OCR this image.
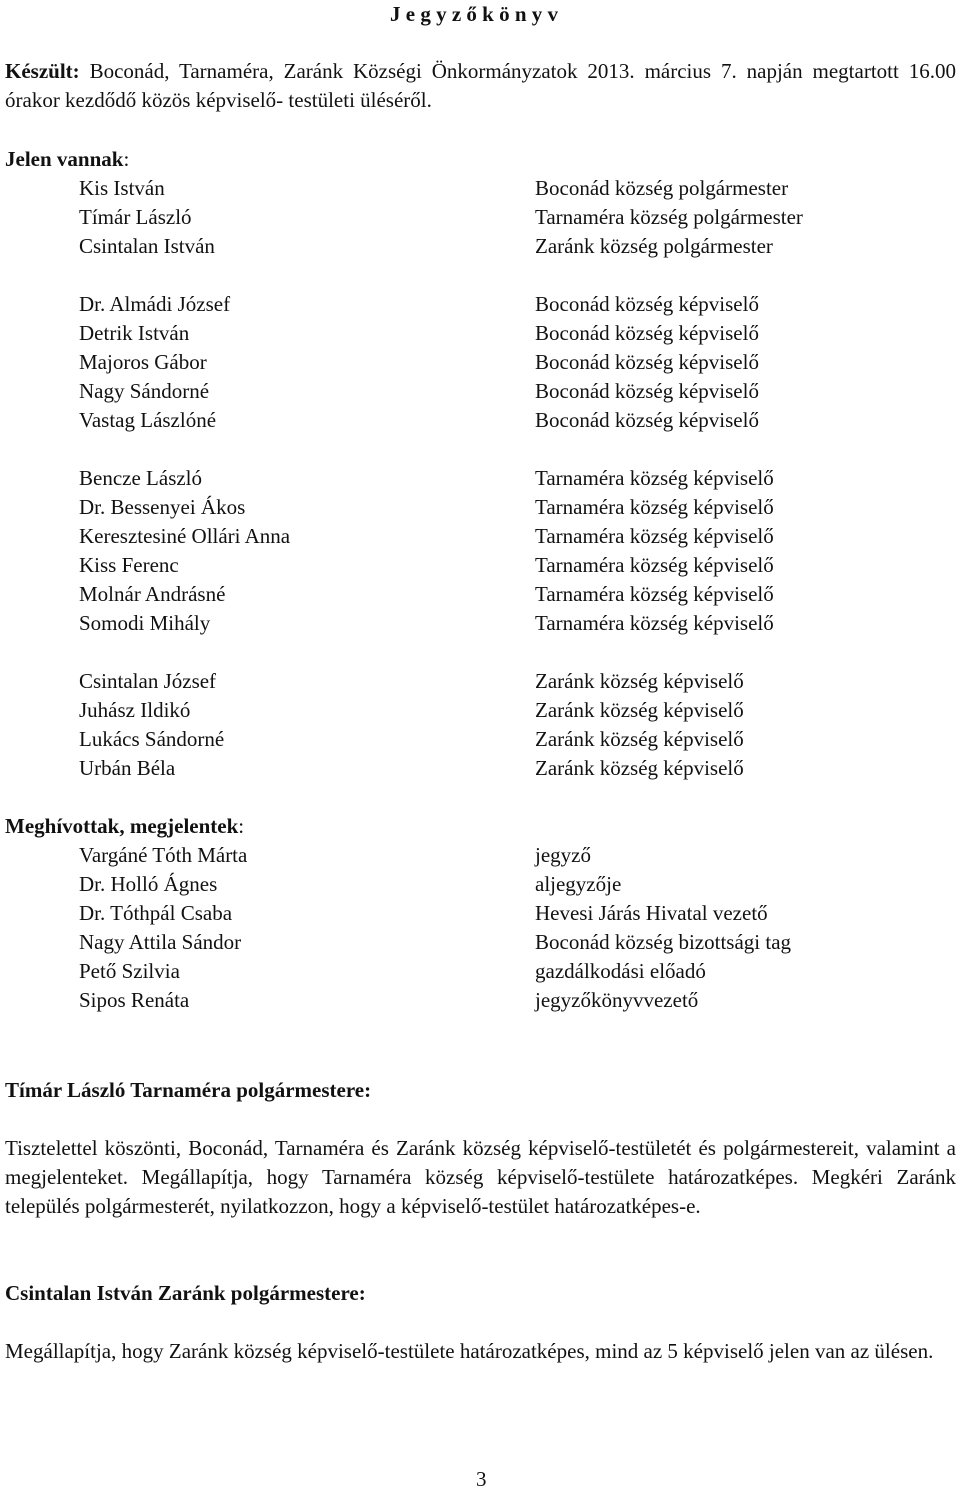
J e g y z ő k ö n y v
Készült: Boconád, Tarnaméra, Zaránk Községi Önkormányzatok 2013. március 7. napján megtartott 16.00 órakor kezdődő közös képviselő- testületi üléséről.
Jelen vannak:
Kis István	Boconád község polgármester
Tímár László	Tarnaméra község polgármester
Csintalan István	Zaránk község polgármester
Dr. Almádi József	Boconád község képviselő
Detrik István	Boconád község képviselő
Majoros Gábor	Boconád község képviselő
Nagy Sándorné	Boconád község képviselő
Vastag Lászlóné	Boconád község képviselő
Bencze László	Tarnaméra község képviselő
Dr. Bessenyei Ákos	Tarnaméra község képviselő
Keresztesiné Ollári Anna	Tarnaméra község képviselő
Kiss Ferenc	Tarnaméra község képviselő
Molnár Andrásné	Tarnaméra község képviselő
Somodi Mihály	Tarnaméra község képviselő
Csintalan József	Zaránk község képviselő
Juhász Ildikó	Zaránk község képviselő
Lukács Sándorné	Zaránk község képviselő
Urbán Béla	Zaránk község képviselő
Meghívottak, megjelentek:
Vargáné Tóth Márta	jegyző
Dr. Holló Ágnes	aljegyzője
Dr. Tóthpál Csaba	Hevesi Járás Hivatal vezető
Nagy Attila Sándor	Boconád község bizottsági tag
Pető Szilvia	gazdálkodási előadó
Sipos Renáta	jegyzőkönyvvezető
Tímár László Tarnaméra polgármestere:
Tisztelettel köszönti, Boconád, Tarnaméra és Zaránk község képviselő-testületét és polgármestereit, valamint a megjelenteket. Megállapítja, hogy Tarnaméra község képviselő-testülete határozatképes. Megkéri Zaránk település polgármesterét, nyilatkozzon, hogy a képviselő-testület határozatképes-e.
Csintalan István Zaránk polgármestere:
Megállapítja, hogy Zaránk község képviselő-testülete határozatképes, mind az 5 képviselő jelen van az ülésen.
3
